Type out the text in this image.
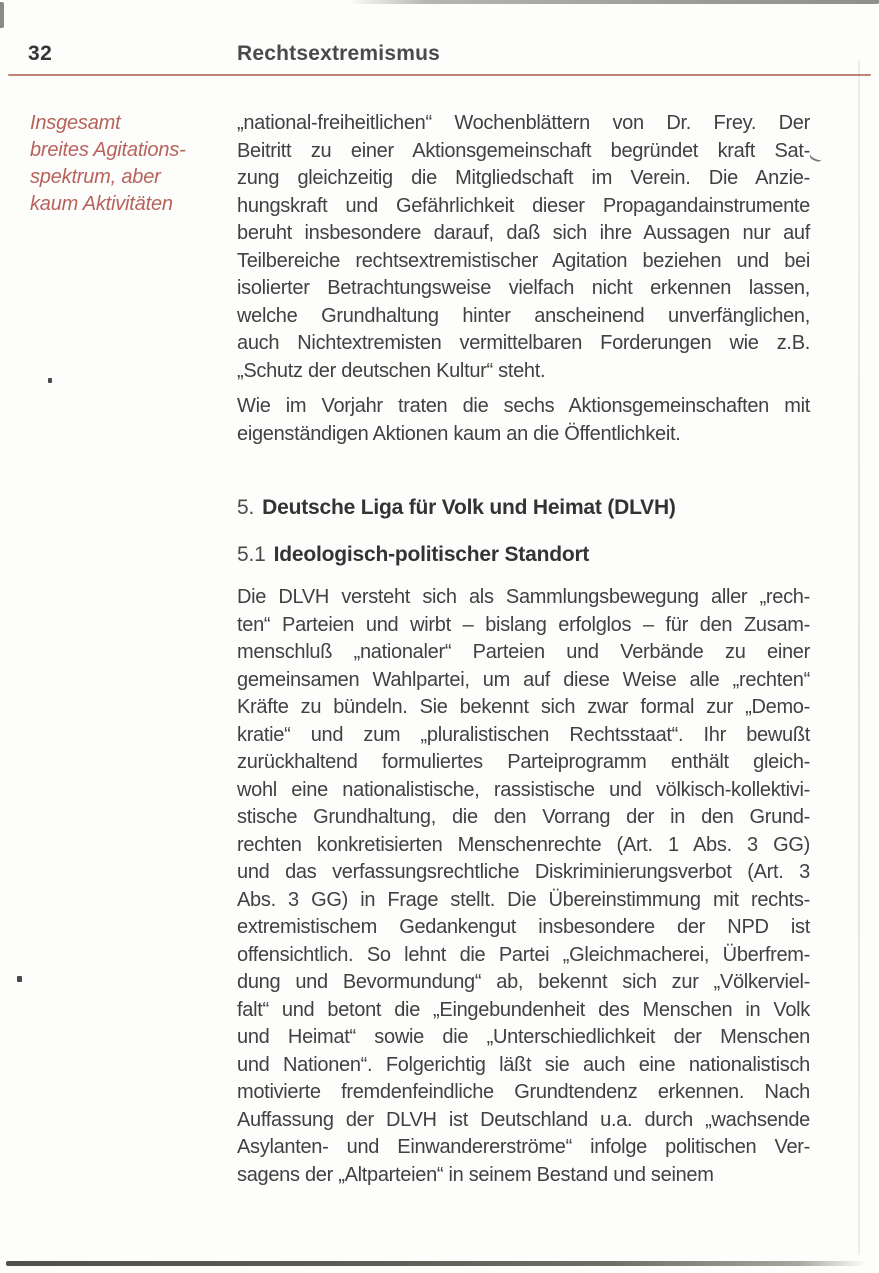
32	Rechtsextremismus
Insgesamt
breites Agitations-
spektrum, aber
kaum Aktivitäten
„national-freiheitlichen“ Wochenblättern von Dr. Frey. Der
Beitritt zu einer Aktionsgemeinschaft begründet kraft Sat-
zung gleichzeitig die Mitgliedschaft im Verein. Die Anzie-
hungskraft und Gefährlichkeit dieser Propagandainstrumente
beruht insbesondere darauf, daß sich ihre Aussagen nur auf
Teilbereiche rechtsextremistischer Agitation beziehen und bei
isolierter Betrachtungsweise vielfach nicht erkennen lassen,
welche Grundhaltung hinter anscheinend unverfänglichen,
auch Nichtextremisten vermittelbaren Forderungen wie z.B.
„Schutz der deutschen Kultur“ steht.
Wie im Vorjahr traten die sechs Aktionsgemeinschaften mit
eigenständigen Aktionen kaum an die Öffentlichkeit.
5. Deutsche Liga für Volk und Heimat (DLVH)
5.1 Ideologisch-politischer Standort
Die DLVH versteht sich als Sammlungsbewegung aller „rech-
ten“ Parteien und wirbt – bislang erfolglos – für den Zusam-
menschluß „nationaler“ Parteien und Verbände zu einer
gemeinsamen Wahlpartei, um auf diese Weise alle „rechten“
Kräfte zu bündeln. Sie bekennt sich zwar formal zur „Demo-
kratie“ und zum „pluralistischen Rechtsstaat“. Ihr bewußt
zurückhaltend formuliertes Parteiprogramm enthält gleich-
wohl eine nationalistische, rassistische und völkisch-kollektivi-
stische Grundhaltung, die den Vorrang der in den Grund-
rechten konkretisierten Menschenrechte (Art. 1 Abs. 3 GG)
und das verfassungsrechtliche Diskriminierungsverbot (Art. 3
Abs. 3 GG) in Frage stellt. Die Übereinstimmung mit rechts-
extremistischem Gedankengut insbesondere der NPD ist
offensichtlich. So lehnt die Partei „Gleichmacherei, Überfrem-
dung und Bevormundung“ ab, bekennt sich zur „Völkerviel-
falt“ und betont die „Eingebundenheit des Menschen in Volk
und Heimat“ sowie die „Unterschiedlichkeit der Menschen
und Nationen“. Folgerichtig läßt sie auch eine nationalistisch
motivierte fremdenfeindliche Grundtendenz erkennen. Nach
Auffassung der DLVH ist Deutschland u.a. durch „wachsende
Asylanten- und Einwandererströme“ infolge politischen Ver-
sagens der „Altparteien“ in seinem Bestand und seinem
